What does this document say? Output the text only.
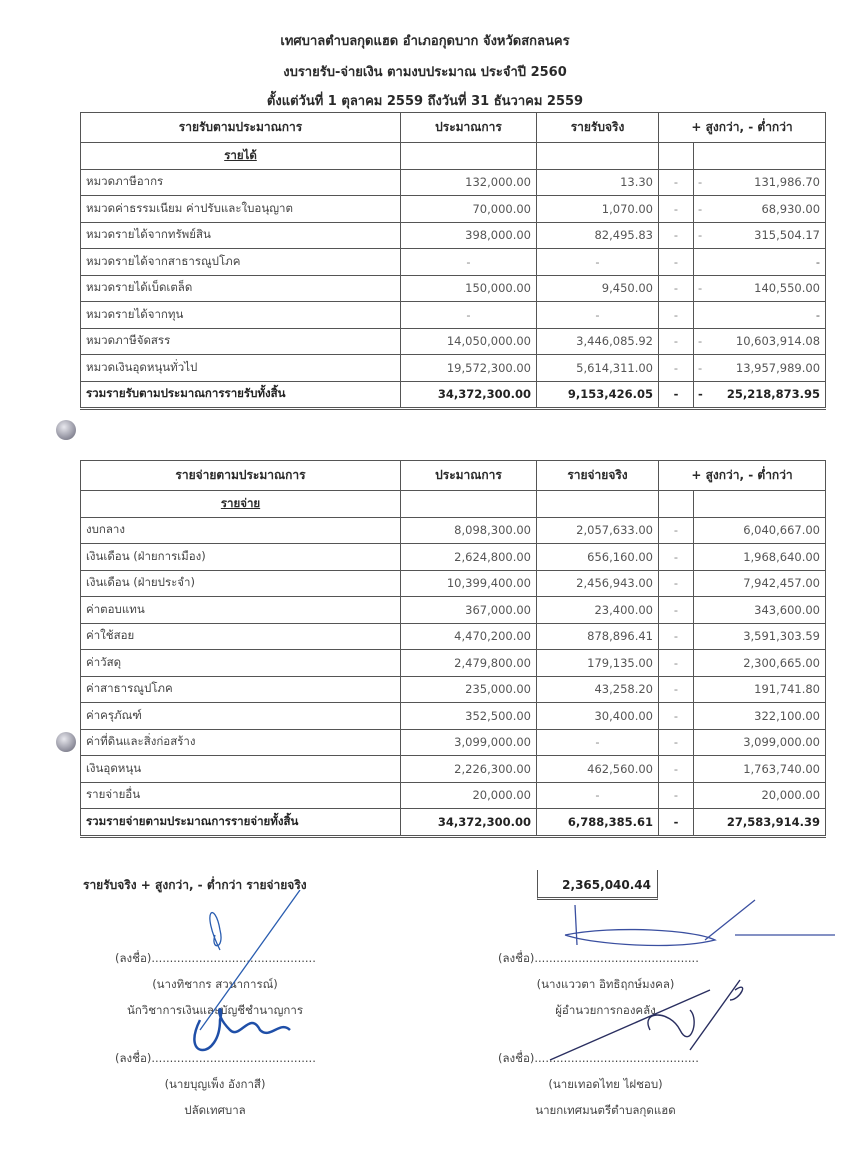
เทศบาลตำบลกุดแฮด อำเภอกุดบาก จังหวัดสกลนคร
งบรายรับ-จ่ายเงิน ตามงบประมาณ ประจำปี 2560
ตั้งแต่วันที่ 1 ตุลาคม 2559 ถึงวันที่ 31 ธันวาคม 2559
รายรับตามประมาณการ	ประมาณการ	รายรับจริง	+ สูงกว่า, - ต่ำกว่า	
รายได้				
หมวดภาษีอากร	132,000.00	13.30	-	- 131,986.70
หมวดค่าธรรมเนียม ค่าปรับและใบอนุญาต	70,000.00	1,070.00	-	- 68,930.00
หมวดรายได้จากทรัพย์สิน	398,000.00	82,495.83	-	- 315,504.17
หมวดรายได้จากสาธารณูปโภค	-	-	-	-
หมวดรายได้เบ็ดเตล็ด	150,000.00	9,450.00	-	- 140,550.00
หมวดรายได้จากทุน	-	-	-	-
หมวดภาษีจัดสรร	14,050,000.00	3,446,085.92	-	- 10,603,914.08
หมวดเงินอุดหนุนทั่วไป	19,572,300.00	5,614,311.00	-	- 13,957,989.00
รวมรายรับตามประมาณการรายรับทั้งสิ้น	34,372,300.00	9,153,426.05	-	- 25,218,873.95
รายจ่ายตามประมาณการ	ประมาณการ	รายจ่ายจริง	+ สูงกว่า, - ต่ำกว่า	
รายจ่าย				
งบกลาง	8,098,300.00	2,057,633.00	-	6,040,667.00
เงินเดือน (ฝ่ายการเมือง)	2,624,800.00	656,160.00	-	1,968,640.00
เงินเดือน (ฝ่ายประจำ)	10,399,400.00	2,456,943.00	-	7,942,457.00
ค่าตอบแทน	367,000.00	23,400.00	-	343,600.00
ค่าใช้สอย	4,470,200.00	878,896.41	-	3,591,303.59
ค่าวัสดุ	2,479,800.00	179,135.00	-	2,300,665.00
ค่าสาธารณูปโภค	235,000.00	43,258.20	-	191,741.80
ค่าครุภัณฑ์	352,500.00	30,400.00	-	322,100.00
ค่าที่ดินและสิ่งก่อสร้าง	3,099,000.00	-	-	3,099,000.00
เงินอุดหนุน	2,226,300.00	462,560.00	-	1,763,740.00
รายจ่ายอื่น	20,000.00	-	-	20,000.00
รวมรายจ่ายตามประมาณการรายจ่ายทั้งสิ้น	34,372,300.00	6,788,385.61	-	27,583,914.39
รายรับจริง + สูงกว่า, - ต่ำกว่า รายจ่ายจริง	2,365,040.44
(ลงชื่อ).............................................
(นางทิชากร สวนาการณ์)
นักวิชาการเงินและบัญชีชำนาญการ
(ลงชื่อ).............................................
(นางแววตา อิทธิฤกษ์มงคล)
ผู้อำนวยการกองคลัง
(ลงชื่อ).............................................
(นายบุญเพ็ง อังกาสี)
ปลัดเทศบาล
(ลงชื่อ).............................................
(นายเทอดไทย ไฝชอบ)
นายกเทศมนตรีตำบลกุดแฮด
